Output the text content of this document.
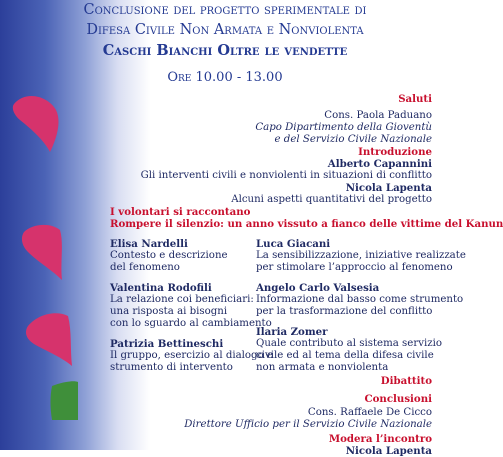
Conclusione del progetto sperimentale di
Difesa Civile Non Armata e Nonviolenta
Caschi Bianchi Oltre le vendette
Ore 10.00 - 13.00
Saluti
Cons. Paola Paduano
Capo Dipartimento della Gioventù
e del Servizio Civile Nazionale
Introduzione
Alberto Capannini
Gli interventi civili e nonviolenti in situazioni di conflitto
Nicola Lapenta
Alcuni aspetti quantitativi del progetto
I volontari si raccontano
Rompere il silenzio: un anno vissuto a fianco delle vittime del Kanun
Elisa Nardelli
Contesto e descrizione
del fenomeno
Valentina Rodofili
La relazione coi beneficiari:
una risposta ai bisogni
con lo sguardo al cambiamento
Patrizia Bettineschi
Il gruppo, esercizio al dialogo e
strumento di intervento
Luca Giacani
La sensibilizzazione, iniziative realizzate
per stimolare l’approccio al fenomeno
Angelo Carlo Valsesia
Informazione dal basso come strumento
per la trasformazione del conflitto
Ilaria Zomer
Quale contributo al sistema servizio
civile ed al tema della difesa civile
non armata e nonviolenta
Dibattito
Conclusioni
Cons. Raffaele De Cicco
Direttore Ufficio per il Servizio Civile Nazionale
Modera l’incontro
Nicola Lapenta
